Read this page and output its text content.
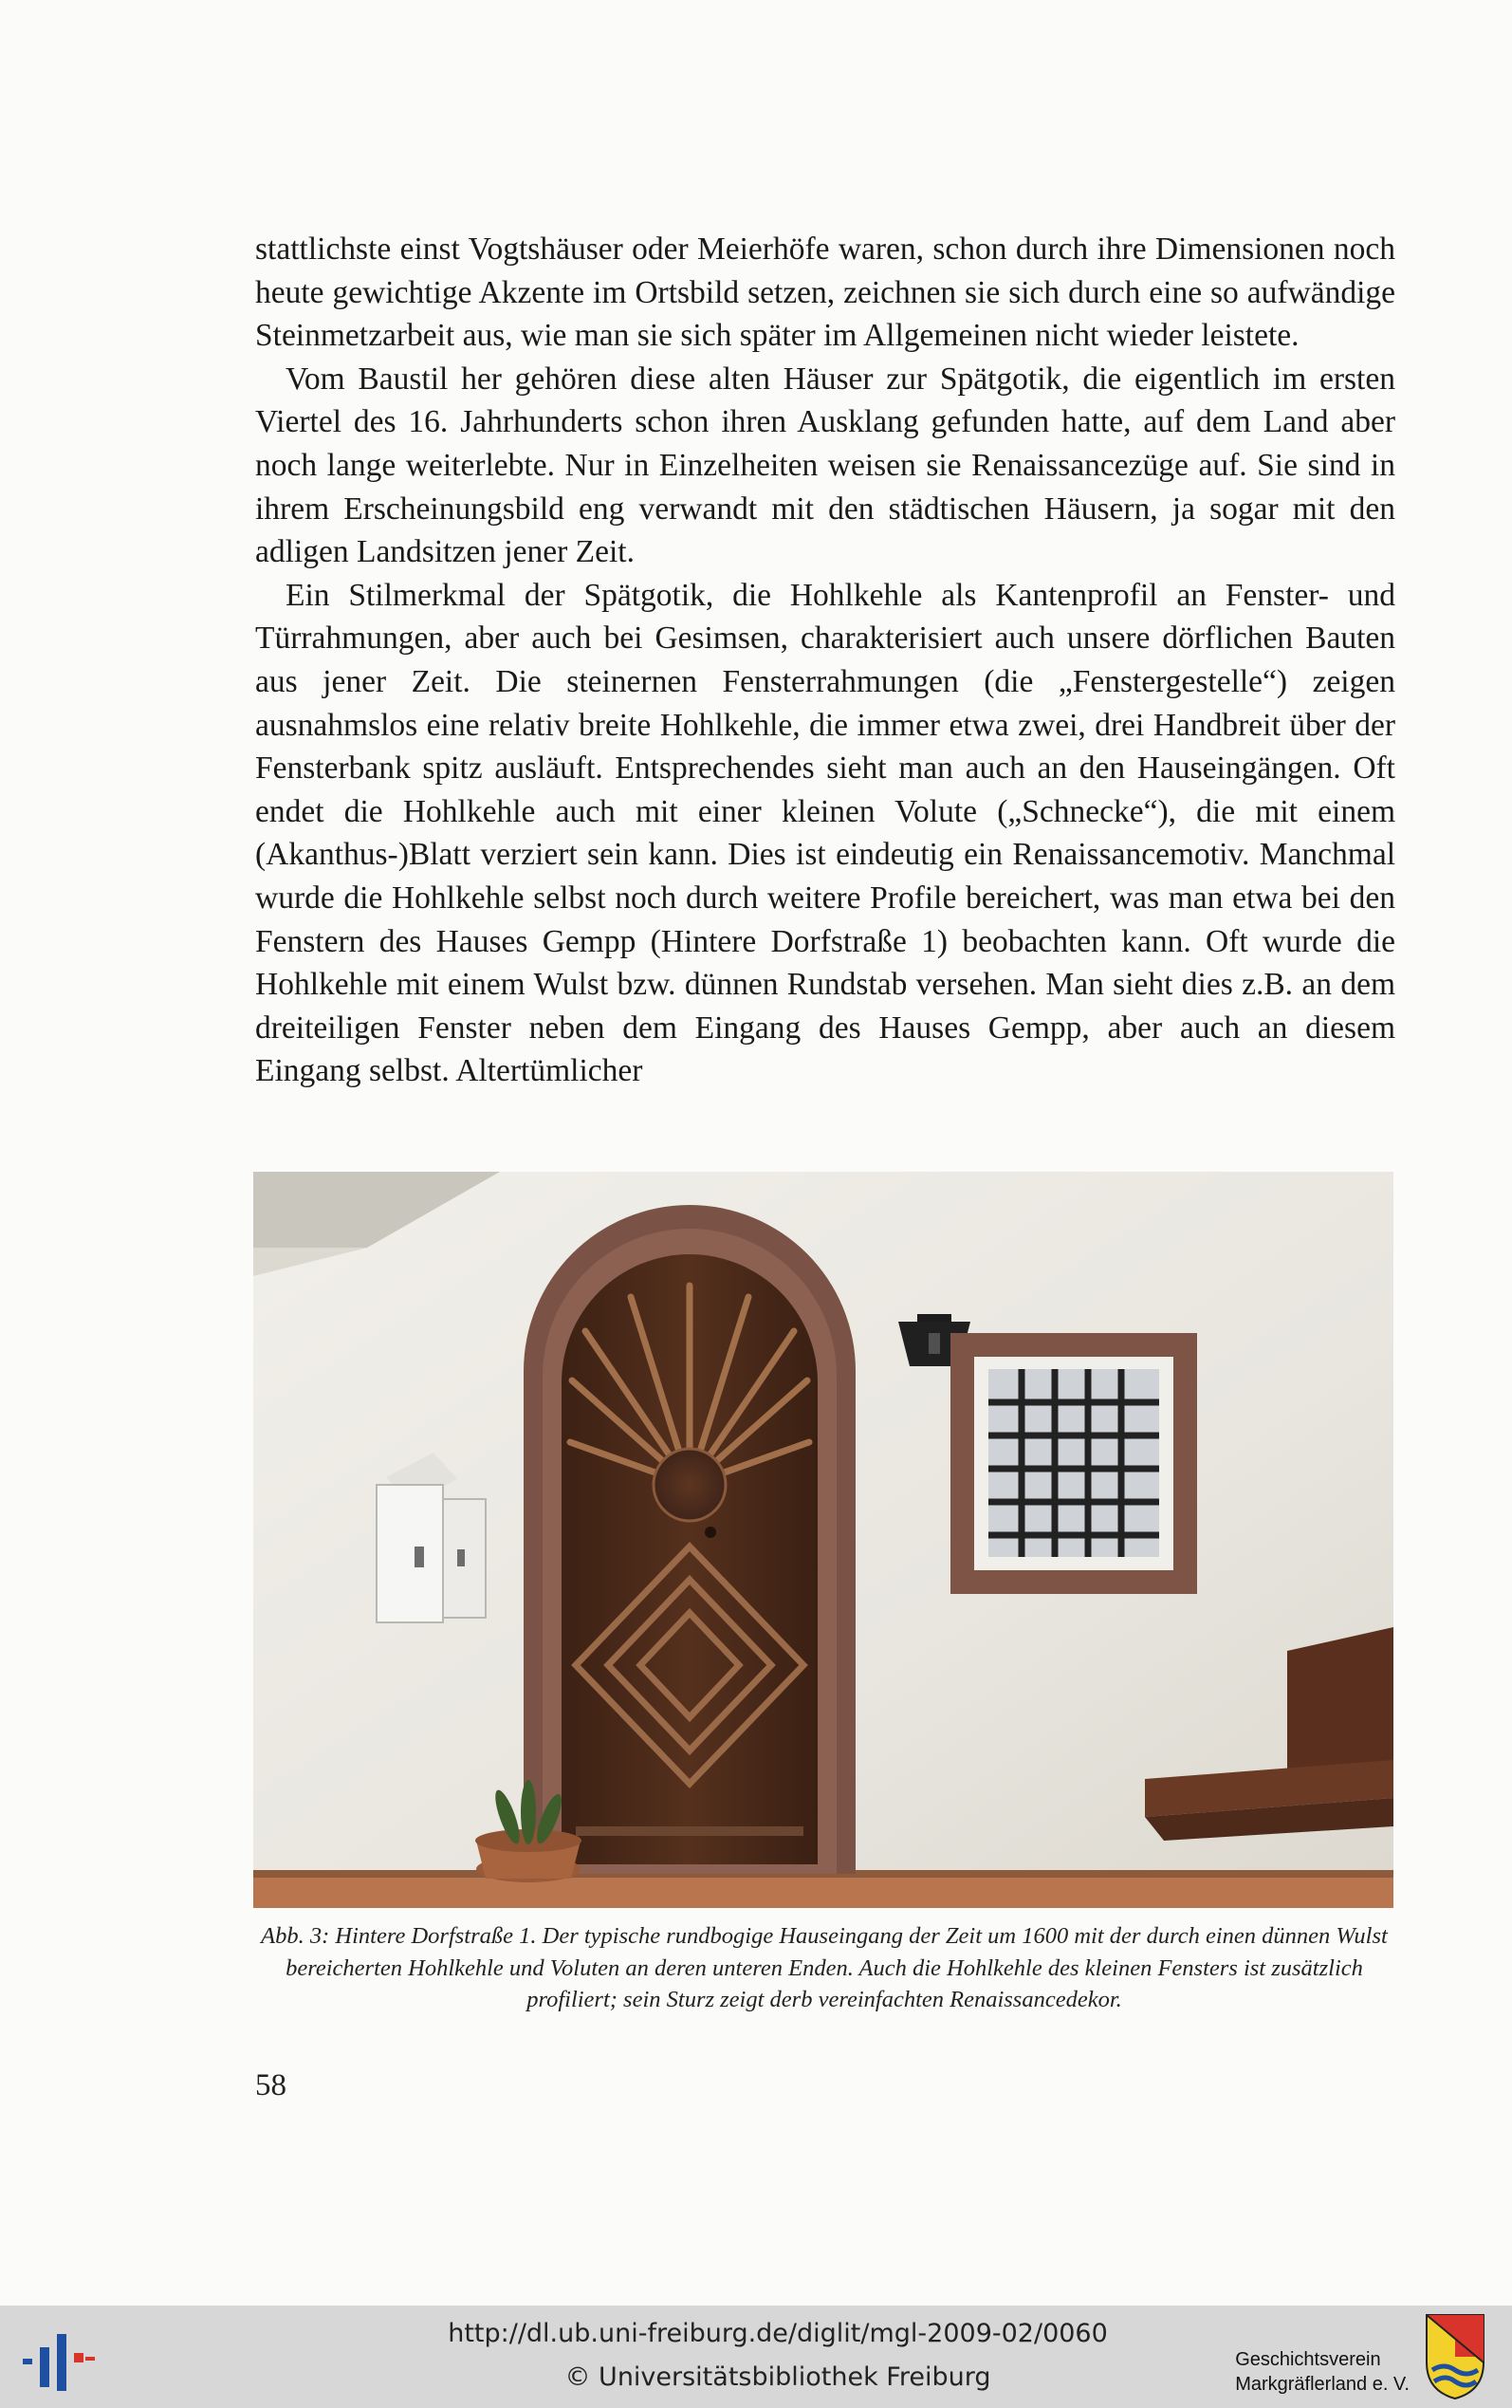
stattlichste einst Vogtshäuser oder Meierhöfe waren, schon durch ihre Dimensionen noch heute gewichtige Akzente im Ortsbild setzen, zeichnen sie sich durch eine so aufwändige Steinmetzarbeit aus, wie man sie sich später im Allgemeinen nicht wieder leistete.

Vom Baustil her gehören diese alten Häuser zur Spätgotik, die eigentlich im ersten Viertel des 16. Jahrhunderts schon ihren Ausklang gefunden hatte, auf dem Land aber noch lange weiterlebte. Nur in Einzelheiten weisen sie Renaissancezüge auf. Sie sind in ihrem Erscheinungsbild eng verwandt mit den städtischen Häusern, ja sogar mit den adligen Landsitzen jener Zeit.

Ein Stilmerkmal der Spätgotik, die Hohlkehle als Kantenprofil an Fenster- und Türrahmungen, aber auch bei Gesimsen, charakterisiert auch unsere dörflichen Bauten aus jener Zeit. Die steinernen Fensterrahmungen (die „Fenstergestelle“) zeigen ausnahmslos eine relativ breite Hohlkehle, die immer etwa zwei, drei Handbreit über der Fensterbank spitz ausläuft. Entsprechendes sieht man auch an den Hauseingängen. Oft endet die Hohlkehle auch mit einer kleinen Volute („Schnecke“), die mit einem (Akanthus-)Blatt verziert sein kann. Dies ist eindeutig ein Renaissancemotiv. Manchmal wurde die Hohlkehle selbst noch durch weitere Profile bereichert, was man etwa bei den Fenstern des Hauses Gempp (Hintere Dorfstraße 1) beobachten kann. Oft wurde die Hohlkehle mit einem Wulst bzw. dünnen Rundstab versehen. Man sieht dies z.B. an dem dreiteiligen Fenster neben dem Eingang des Hauses Gempp, aber auch an diesem Eingang selbst. Altertümlicher

Abb. 3: Hintere Dorfstraße 1. Der typische rundbogige Hauseingang der Zeit um 1600 mit der durch einen dünnen Wulst bereicherten Hohlkehle und Voluten an deren unteren Enden. Auch die Hohlkehle des kleinen Fensters ist zusätzlich profiliert; sein Sturz zeigt derb vereinfachten Renaissancedekor.
58
http://dl.ub.uni-freiburg.de/diglit/mgl-2009-02/0060
© Universitätsbibliothek Freiburg
Geschichtsverein
Markgräflerland e. V.
